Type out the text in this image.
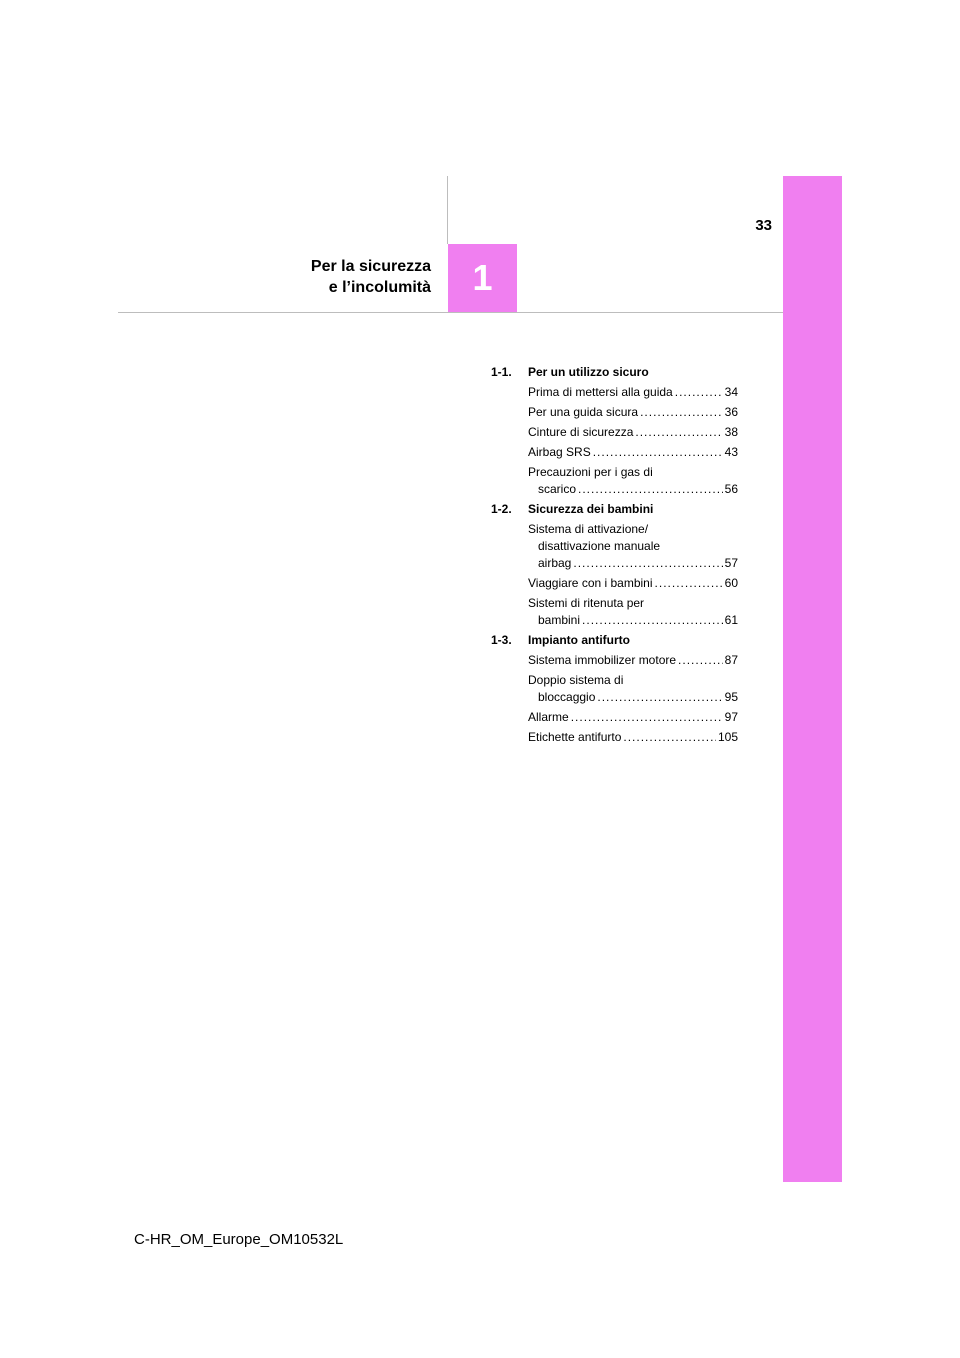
33
Per la sicurezza
e l’incolumità	1
1-1.	Per un utilizzo sicuro
Prima di mettersi alla guida .....	34
Per una guida sicura .....	36
Cinture di sicurezza .....	38
Airbag SRS .....	43
Precauzioni per i gas di
scarico .....	56
1-2.	Sicurezza dei bambini
Sistema di attivazione/
disattivazione manuale
airbag .....	57
Viaggiare con i bambini .....	60
Sistemi di ritenuta per
bambini .....	61
1-3.	Impianto antifurto
Sistema immobilizer motore .....	87
Doppio sistema di
bloccaggio .....	95
Allarme .....	97
Etichette antifurto .....	105
C-HR_OM_Europe_OM10532L
